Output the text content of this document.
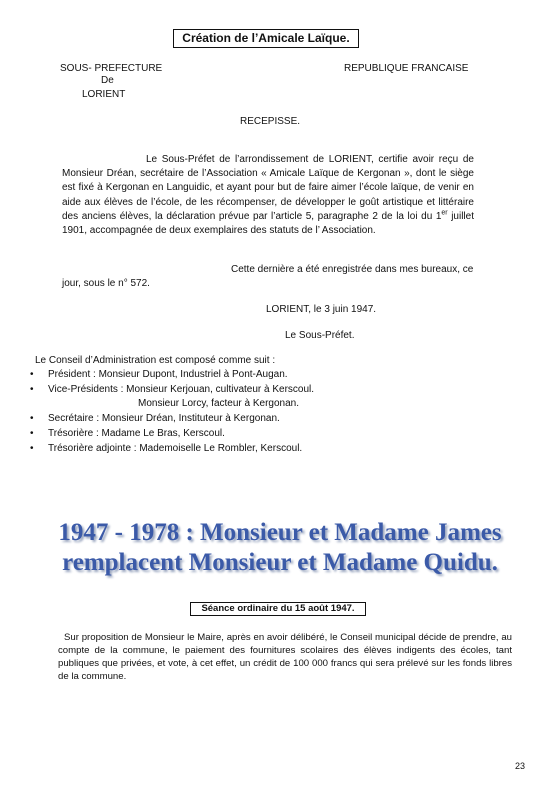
Création de l’Amicale Laïque.
SOUS- PREFECTURE
De
LORIENT
REPUBLIQUE FRANCAISE
RECEPISSE.
Le Sous-Préfet de l’arrondissement de LORIENT, certifie avoir reçu de Monsieur Dréan, secrétaire de l’Association « Amicale Laïque de Kergonan », dont le siège est fixé à Kergonan en Languidic, et ayant pour but de faire aimer l’école laïque, de venir en aide aux élèves de l’école, de les récompenser, de développer le goût artistique et littéraire des anciens élèves, la déclaration prévue par l’article 5, paragraphe 2 de la loi du 1er juillet 1901, accompagnée de deux exemplaires des statuts de l’ Association.
Cette dernière a été enregistrée dans mes bureaux, ce
jour, sous le n° 572.
LORIENT, le 3 juin 1947.
Le Sous-Préfet.
Le Conseil d’Administration est composé comme suit :
• Président : Monsieur Dupont, Industriel à Pont-Augan.
• Vice-Présidents : Monsieur Kerjouan, cultivateur à Kerscoul.
Monsieur Lorcy, facteur à Kergonan.
• Secrétaire : Monsieur Dréan, Instituteur à Kergonan.
• Trésorière : Madame Le Bras, Kerscoul.
• Trésorière adjointe : Mademoiselle Le Rombler, Kerscoul.
1947 - 1978 : Monsieur et Madame James
remplacent Monsieur et Madame Quidu.
Séance ordinaire du 15 août 1947.
Sur proposition de Monsieur le Maire, après en avoir délibéré, le Conseil municipal décide de prendre, au compte de la commune, le paiement des fournitures scolaires des élèves indigents des écoles, tant publiques que privées, et vote, à cet effet, un crédit de 100 000 francs qui sera prélevé sur les fonds libres de la commune.
23
